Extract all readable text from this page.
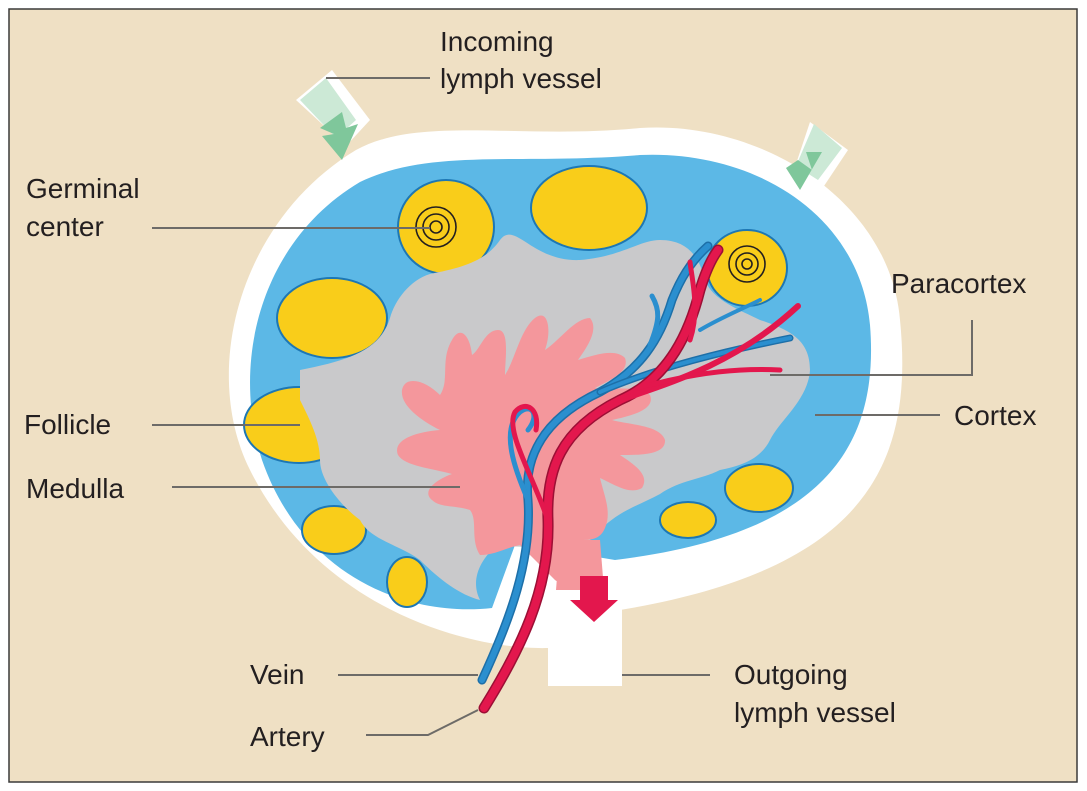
Incoming
lymph vessel
Germinal
center
Paracortex
Follicle	Cortex
Medulla
Vein
Artery
Outgoing
lymph vessel
